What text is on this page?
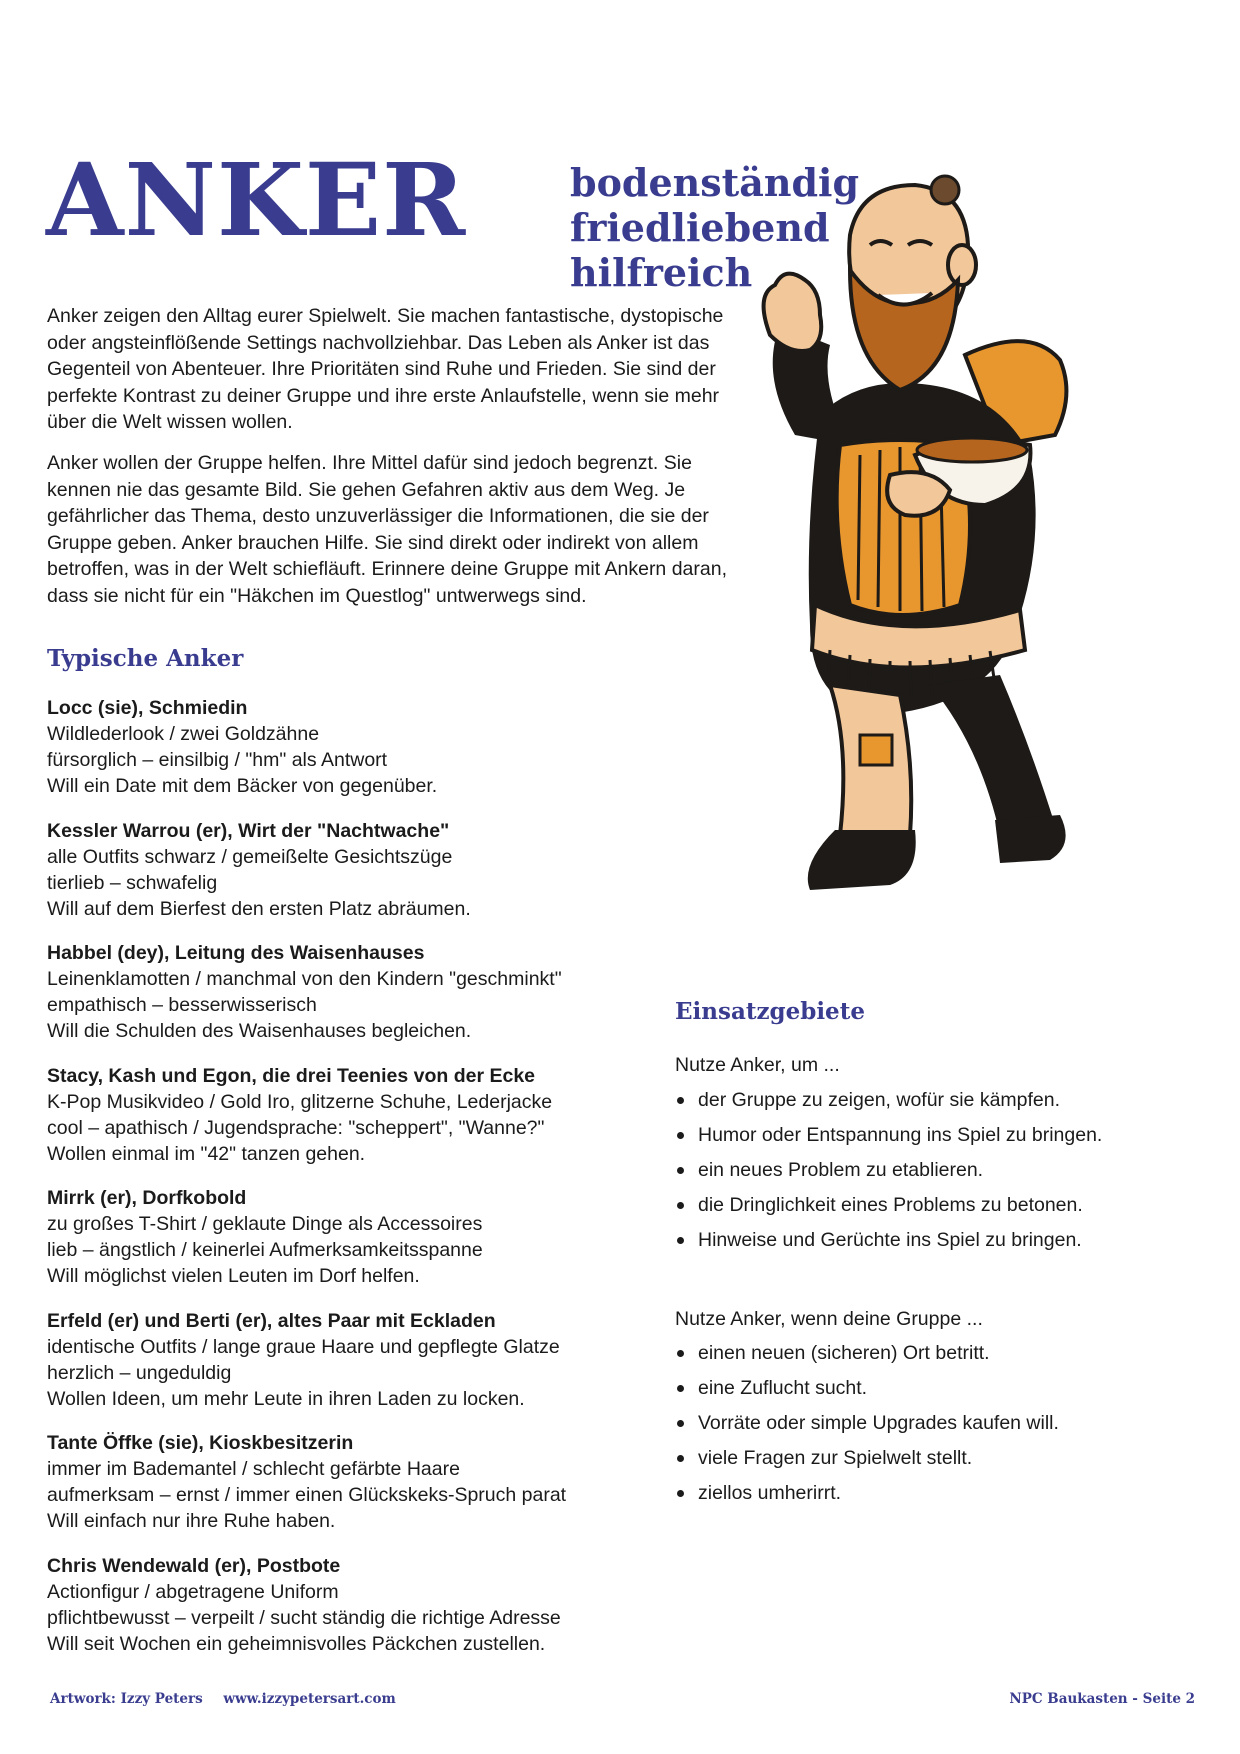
ANKER	bodenständig
friedliebend
hilfreich

Anker zeigen den Alltag eurer Spielwelt. Sie machen fantastische, dystopische oder angsteinflößende Settings nachvollziehbar. Das Leben als Anker ist das Gegenteil von Abenteuer. Ihre Prioritäten sind Ruhe und Frieden. Sie sind der perfekte Kontrast zu deiner Gruppe und ihre erste Anlaufstelle, wenn sie mehr über die Welt wissen wollen.

Anker wollen der Gruppe helfen. Ihre Mittel dafür sind jedoch begrenzt. Sie kennen nie das gesamte Bild. Sie gehen Gefahren aktiv aus dem Weg. Je gefährlicher das Thema, desto unzuverlässiger die Informationen, die sie der Gruppe geben. Anker brauchen Hilfe. Sie sind direkt oder indirekt von allem betroffen, was in der Welt schiefläuft. Erinnere deine Gruppe mit Ankern daran, dass sie nicht für ein "Häkchen im Questlog" untwerwegs sind.

Typische Anker
Locc (sie), Schmiedin
Wildlederlook / zwei Goldzähne
fürsorglich – einsilbig / "hm" als Antwort
Will ein Date mit dem Bäcker von gegenüber.
Kessler Warrou (er), Wirt der "Nachtwache"
alle Outfits schwarz / gemeißelte Gesichtszüge
tierlieb – schwafelig
Will auf dem Bierfest den ersten Platz abräumen.
Habbel (dey), Leitung des Waisenhauses
Leinenklamotten / manchmal von den Kindern "geschminkt"
empathisch – besserwisserisch
Will die Schulden des Waisenhauses begleichen.
Stacy, Kash und Egon, die drei Teenies von der Ecke
K-Pop Musikvideo / Gold Iro, glitzerne Schuhe, Lederjacke
cool – apathisch / Jugendsprache: "scheppert", "Wanne?"
Wollen einmal im "42" tanzen gehen.
Mirrk (er), Dorfkobold
zu großes T-Shirt / geklaute Dinge als Accessoires
lieb – ängstlich / keinerlei Aufmerksamkeitsspanne
Will möglichst vielen Leuten im Dorf helfen.
Erfeld (er) und Berti (er), altes Paar mit Eckladen
identische Outfits / lange graue Haare und gepflegte Glatze
herzlich – ungeduldig
Wollen Ideen, um mehr Leute in ihren Laden zu locken.
Tante Öffke (sie), Kioskbesitzerin
immer im Bademantel / schlecht gefärbte Haare
aufmerksam – ernst / immer einen Glückskeks-Spruch parat
Will einfach nur ihre Ruhe haben.
Chris Wendewald (er), Postbote
Actionfigur / abgetragene Uniform
pflichtbewusst – verpeilt / sucht ständig die richtige Adresse
Will seit Wochen ein geheimnisvolles Päckchen zustellen.
Einsatzgebiete

Nutze Anker, um ...

der Gruppe zu zeigen, wofür sie kämpfen.
Humor oder Entspannung ins Spiel zu bringen.
ein neues Problem zu etablieren.
die Dringlichkeit eines Problems zu betonen.
Hinweise und Gerüchte ins Spiel zu bringen.

Nutze Anker, wenn deine Gruppe ...

einen neuen (sicheren) Ort betritt.
eine Zuflucht sucht.
Vorräte oder simple Upgrades kaufen will.
viele Fragen zur Spielwelt stellt.
ziellos umherirrt.
Artwork: Izzy Peters www.izzypetersart.com	NPC Baukasten - Seite 2
